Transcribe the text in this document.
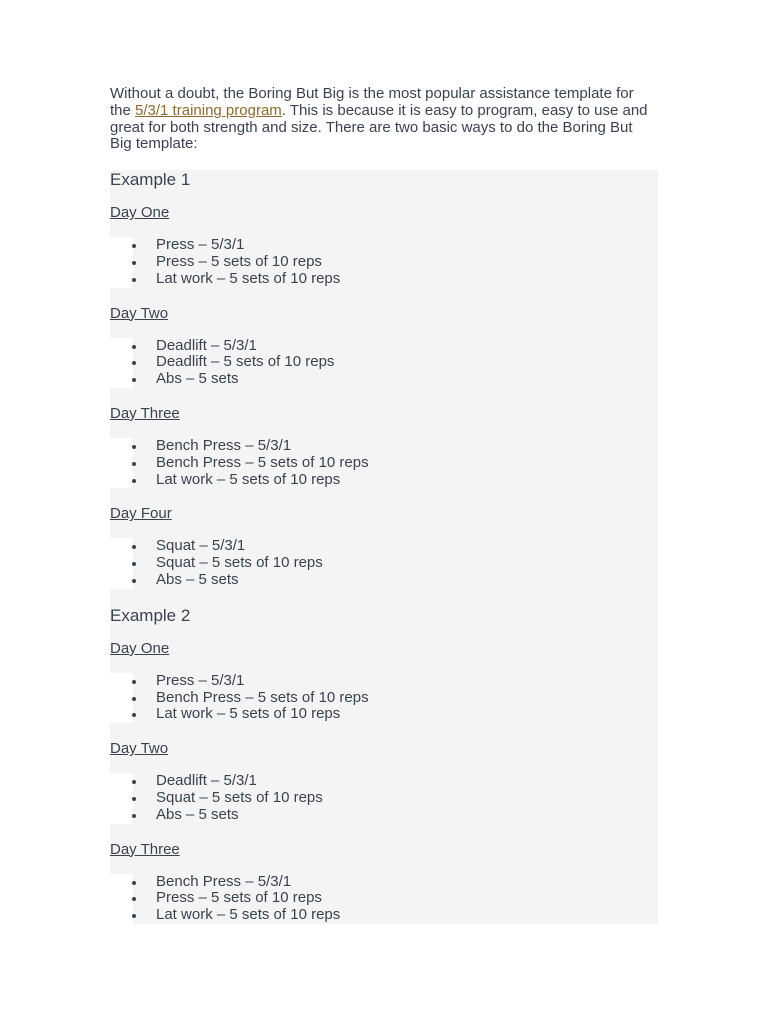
Without a doubt, the Boring But Big is the most popular assistance template for the 5/3/1 training program. This is because it is easy to program, easy to use and great for both strength and size. There are two basic ways to do the Boring But Big template:

Example 1
Day One
Press – 5/3/1
Press – 5 sets of 10 reps
Lat work – 5 sets of 10 reps
Day Two
Deadlift – 5/3/1
Deadlift – 5 sets of 10 reps
Abs – 5 sets
Day Three
Bench Press – 5/3/1
Bench Press – 5 sets of 10 reps
Lat work – 5 sets of 10 reps
Day Four
Squat – 5/3/1
Squat – 5 sets of 10 reps
Abs – 5 sets
Example 2
Day One
Press – 5/3/1
Bench Press – 5 sets of 10 reps
Lat work – 5 sets of 10 reps
Day Two
Deadlift – 5/3/1
Squat – 5 sets of 10 reps
Abs – 5 sets
Day Three
Bench Press – 5/3/1
Press – 5 sets of 10 reps
Lat work – 5 sets of 10 reps
